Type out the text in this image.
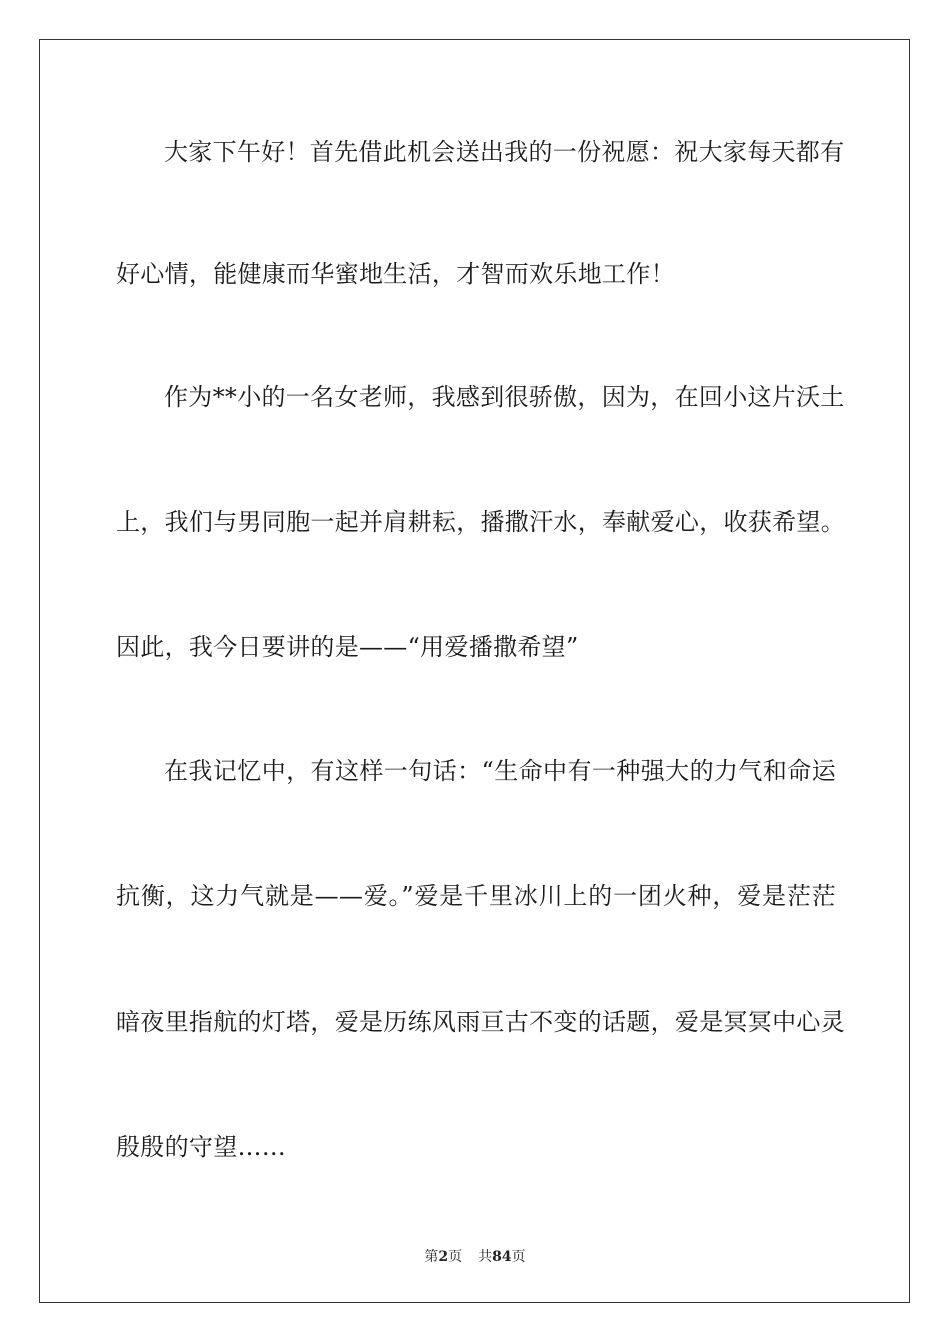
大家下午好！首先借此机会送出我的一份祝愿：祝大家每天都有
好心情，能健康而华蜜地生活，才智而欢乐地工作！
作为**小的一名女老师，我感到很骄傲，因为，在回小这片沃土
上，我们与男同胞一起并肩耕耘，播撒汗水，奉献爱心，收获希望。
因此，我今日要讲的是——“用爱播撒希望”
在我记忆中，有这样一句话：“生命中有一种强大的力气和命运
抗衡，这力气就是——爱。”爱是千里冰川上的一团火种，爱是茫茫
暗夜里指航的灯塔，爱是历练风雨亘古不变的话题，爱是冥冥中心灵
殷殷的守望……
第2页 共84页
